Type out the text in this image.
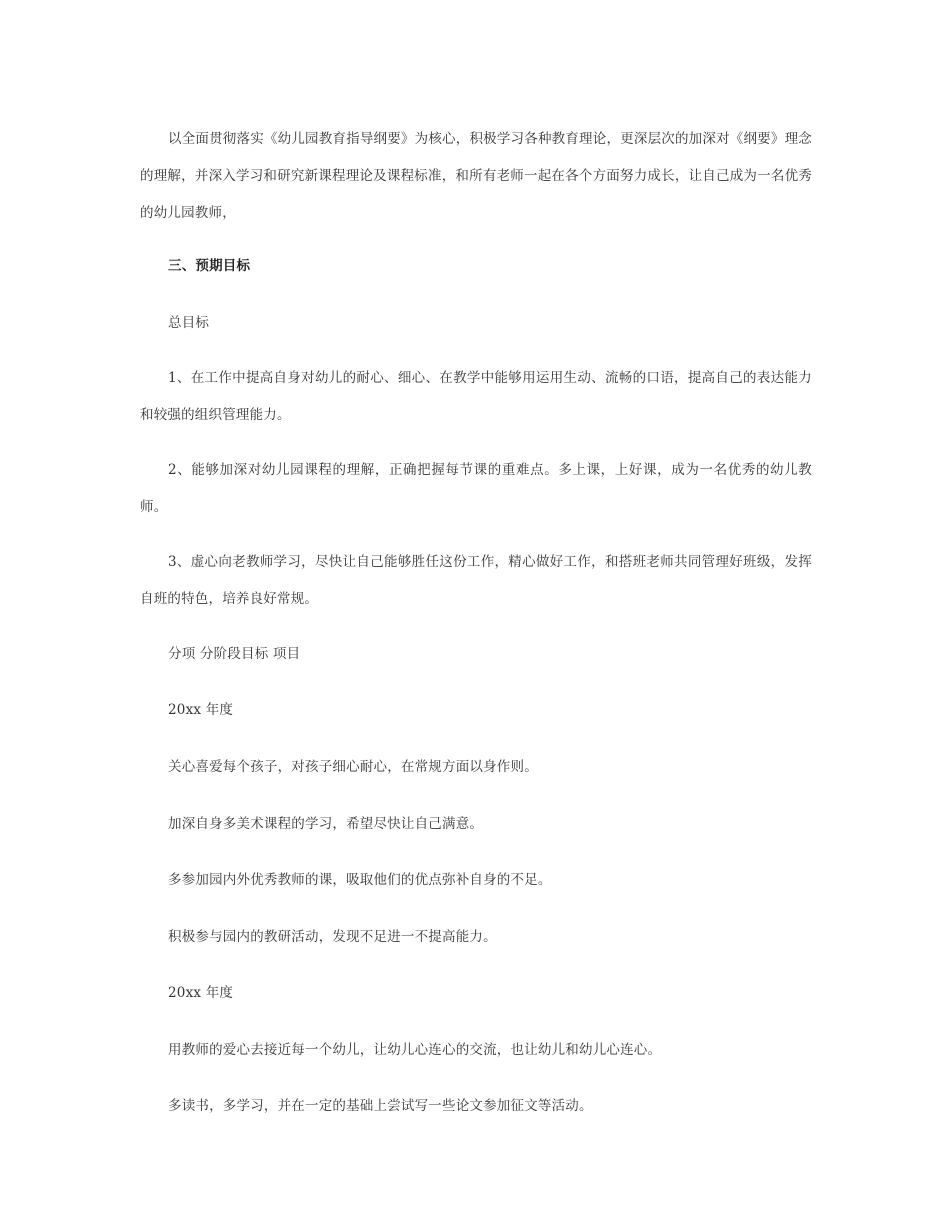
以全面贯彻落实《幼儿园教育指导纲要》为核心，积极学习各种教育理论，更深层次的加深对《纲要》理念的理解，并深入学习和研究新课程理论及课程标准，和所有老师一起在各个方面努力成长，让自己成为一名优秀的幼儿园教师，

三、预期目标

总目标

1、在工作中提高自身对幼儿的耐心、细心、在教学中能够用运用生动、流畅的口语，提高自己的表达能力和较强的组织管理能力。

2、能够加深对幼儿园课程的理解，正确把握每节课的重难点。多上课，上好课，成为一名优秀的幼儿教师。

3、虚心向老教师学习，尽快让自己能够胜任这份工作，精心做好工作，和搭班老师共同管理好班级，发挥自班的特色，培养良好常规。

分项 分阶段目标 项目

20xx 年度

关心喜爱每个孩子，对孩子细心耐心，在常规方面以身作则。

加深自身多美术课程的学习，希望尽快让自己满意。

多参加园内外优秀教师的课，吸取他们的优点弥补自身的不足。

积极参与园内的教研活动，发现不足进一不提高能力。

20xx 年度

用教师的爱心去接近每一个幼儿，让幼儿心连心的交流，也让幼儿和幼儿心连心。

多读书，多学习，并在一定的基础上尝试写一些论文参加征文等活动。
